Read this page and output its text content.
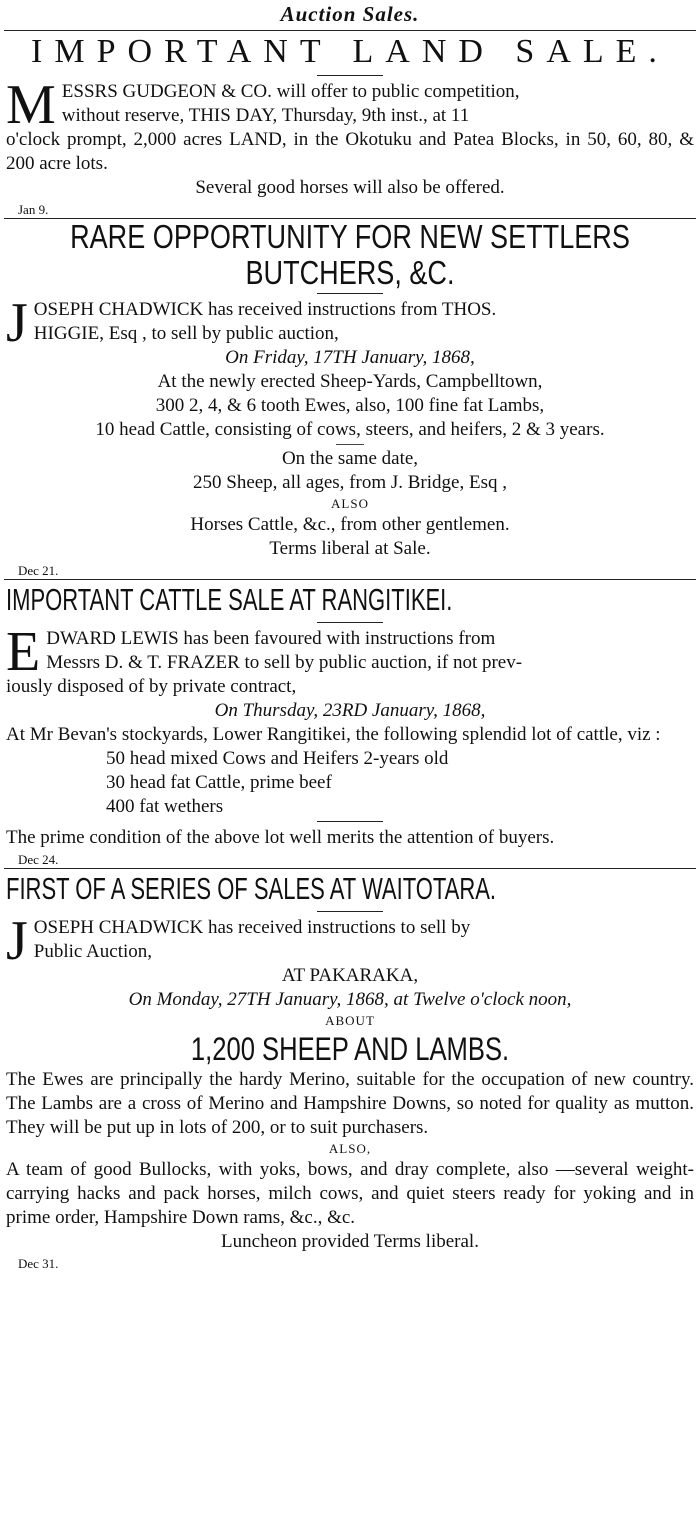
Auction Sales.
IMPORTANT LAND SALE.
M ESSRS GUDGEON & CO. will offer to public competition,
without reserve, THIS DAY, Thursday, 9th inst., at 11
o'clock prompt, 2,000 acres LAND, in the Okotuku and Patea Blocks, in 50, 60, 80, & 200 acre lots.
Several good horses will also be offered.
Jan 9.
RARE OPPORTUNITY FOR NEW SETTLERS
BUTCHERS, &C.
J OSEPH CHADWICK has received instructions from THOS.
HIGGIE, Esq , to sell by public auction,
On Friday, 17TH January, 1868,
At the newly erected Sheep-Yards, Campbelltown,
300 2, 4, & 6 tooth Ewes, also, 100 fine fat Lambs,
10 head Cattle, consisting of cows, steers, and heifers, 2 & 3 years.
On the same date,
250 Sheep, all ages, from J. Bridge, Esq ,
ALSO
Horses Cattle, &c., from other gentlemen.
Terms liberal at Sale.
Dec 21.
IMPORTANT CATTLE SALE AT RANGITIKEI.
E DWARD LEWIS has been favoured with instructions from
Messrs D. & T. FRAZER to sell by public auction, if not prev-
iously disposed of by private contract,
On Thursday, 23RD January, 1868,
At Mr Bevan's stockyards, Lower Rangitikei, the following splendid lot of cattle, viz :
50 head mixed Cows and Heifers 2-years old
30 head fat Cattle, prime beef
400 fat wethers
The prime condition of the above lot well merits the attention of buyers.
Dec 24.
FIRST OF A SERIES OF SALES AT WAITOTARA.
J OSEPH CHADWICK has received instructions to sell by
Public Auction,
AT PAKARAKA,
On Monday, 27TH January, 1868, at Twelve o'clock noon,
ABOUT
1,200 SHEEP AND LAMBS.
The Ewes are principally the hardy Merino, suitable for the occupation of new country. The Lambs are a cross of Merino and Hampshire Downs, so noted for quality as mutton. They will be put up in lots of 200, or to suit purchasers.
ALSO,
A team of good Bullocks, with yoks, bows, and dray complete, also —several weight-carrying hacks and pack horses, milch cows, and quiet steers ready for yoking and in prime order, Hampshire Down rams, &c., &c.
Luncheon provided Terms liberal.
Dec 31.
